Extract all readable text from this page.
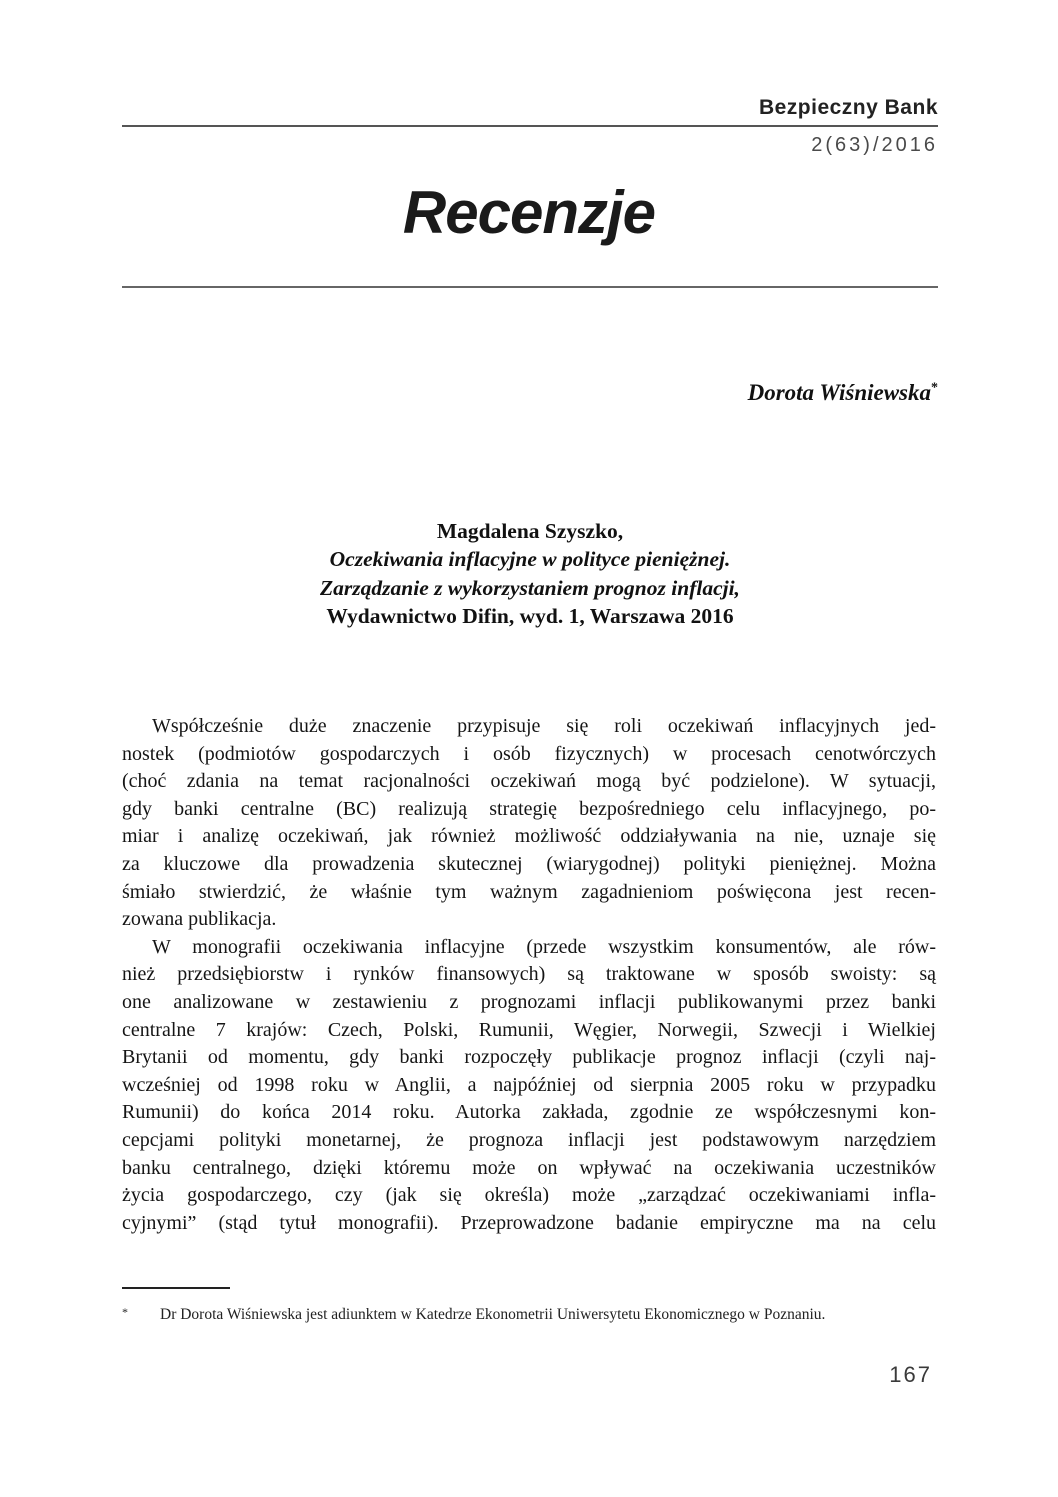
Bezpieczny Bank
2(63)/2016
Recenzje
Dorota Wiśniewska*
Magdalena Szyszko,
Oczekiwania inflacyjne w polityce pieniężnej.
Zarządzanie z wykorzystaniem prognoz inflacji,
Wydawnictwo Difin, wyd. 1, Warszawa 2016
Współcześnie duże znaczenie przypisuje się roli oczekiwań inflacyjnych jed-
nostek (podmiotów gospodarczych i osób fizycznych) w procesach cenotwórczych
(choć zdania na temat racjonalności oczekiwań mogą być podzielone). W sytuacji,
gdy banki centralne (BC) realizują strategię bezpośredniego celu inflacyjnego, po-
miar i analizę oczekiwań, jak również możliwość oddziaływania na nie, uznaje się
za kluczowe dla prowadzenia skutecznej (wiarygodnej) polityki pieniężnej. Można
śmiało stwierdzić, że właśnie tym ważnym zagadnieniom poświęcona jest recen-
zowana publikacja.
W monografii oczekiwania inflacyjne (przede wszystkim konsumentów, ale rów-
nież przedsiębiorstw i rynków finansowych) są traktowane w sposób swoisty: są
one analizowane w zestawieniu z prognozami inflacji publikowanymi przez banki
centralne 7 krajów: Czech, Polski, Rumunii, Węgier, Norwegii, Szwecji i Wielkiej
Brytanii od momentu, gdy banki rozpoczęły publikacje prognoz inflacji (czyli naj-
wcześniej od 1998 roku w Anglii, a najpóźniej od sierpnia 2005 roku w przypadku
Rumunii) do końca 2014 roku. Autorka zakłada, zgodnie ze współczesnymi kon-
cepcjami polityki monetarnej, że prognoza inflacji jest podstawowym narzędziem
banku centralnego, dzięki któremu może on wpływać na oczekiwania uczestników
życia gospodarczego, czy (jak się określa) może „zarządzać oczekiwaniami infla-
cyjnymi” (stąd tytuł monografii). Przeprowadzone badanie empiryczne ma na celu
*	Dr Dorota Wiśniewska jest adiunktem w Katedrze Ekonometrii Uniwersytetu Ekonomicznego w Poznaniu.
167
